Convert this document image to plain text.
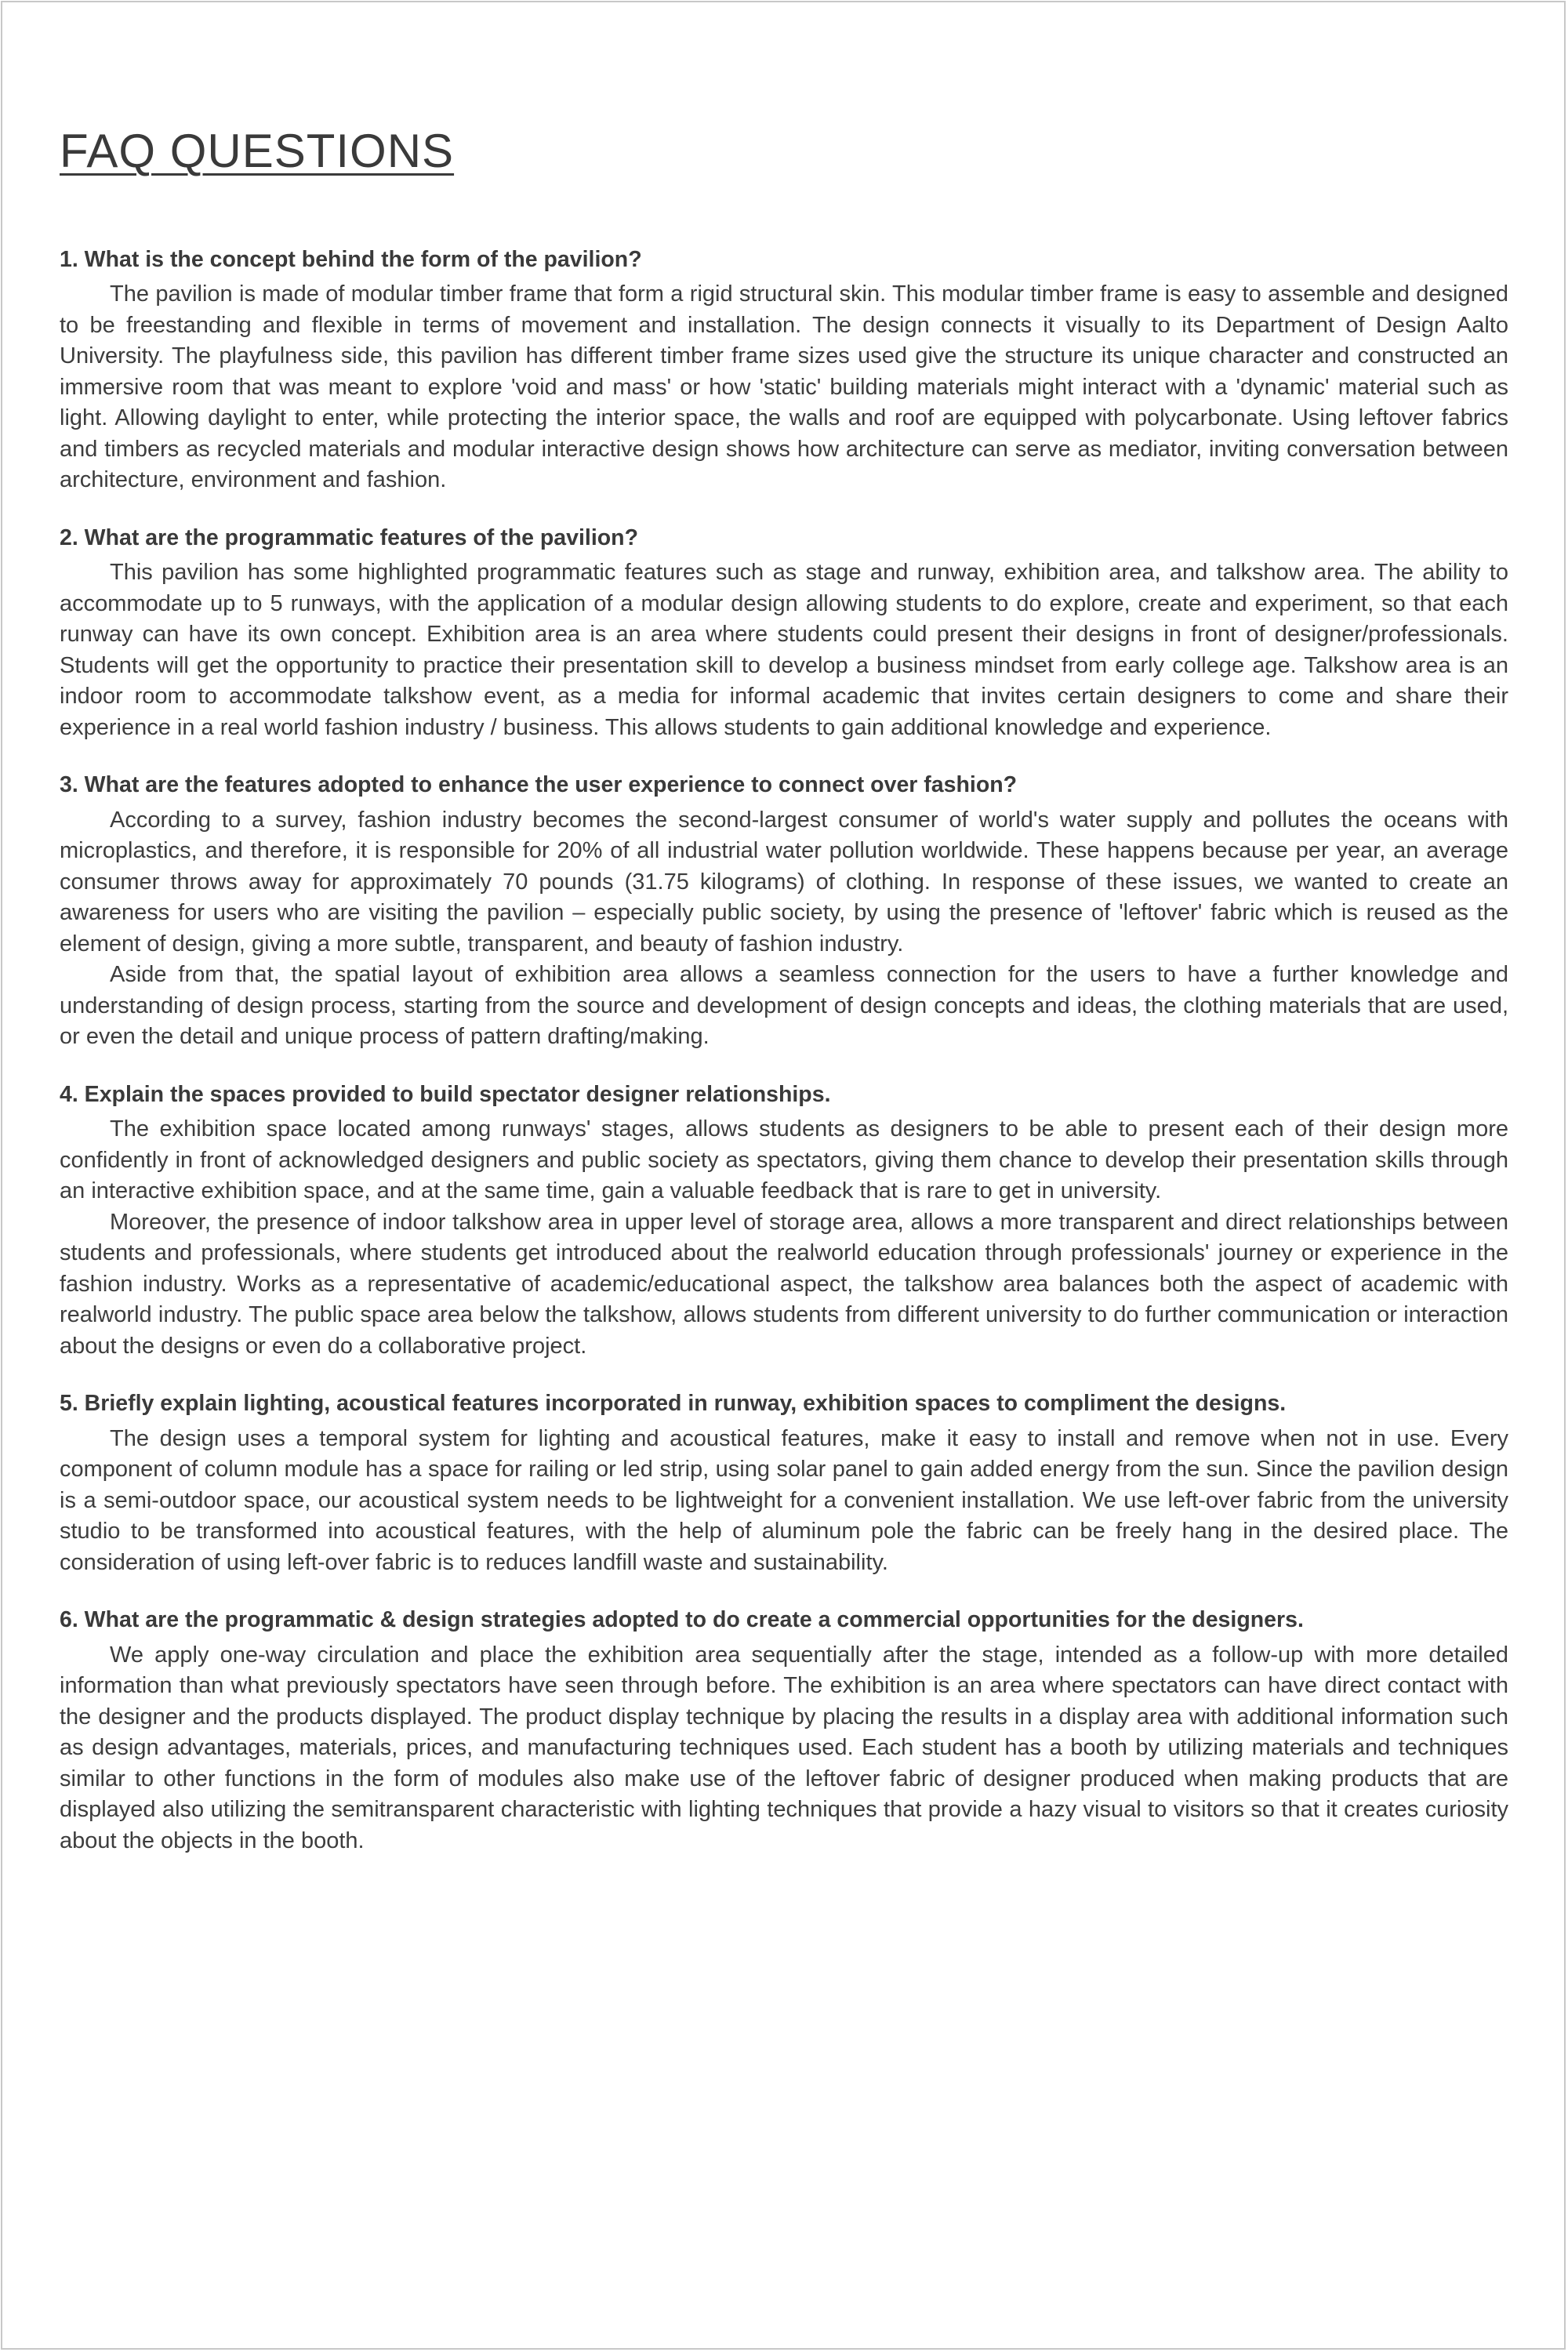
FAQ QUESTIONS
1. What is the concept behind the form of the pavilion?

The pavilion is made of modular timber frame that form a rigid structural skin. This modular timber frame is easy to assemble and designed to be freestanding and flexible in terms of movement and installation. The design connects it visually to its Department of Design Aalto University. The playfulness side, this pavilion has different timber frame sizes used give the structure its unique character and constructed an immersive room that was meant to explore 'void and mass' or how 'static' building materials might interact with a 'dynamic' material such as light. Allowing daylight to enter, while protecting the interior space, the walls and roof are equipped with polycarbonate. Using leftover fabrics and timbers as recycled materials and modular interactive design shows how architecture can serve as mediator, inviting conversation between architecture, environment and fashion.

2. What are the programmatic features of the pavilion?

This pavilion has some highlighted programmatic features such as stage and runway, exhibition area, and talkshow area. The ability to accommodate up to 5 runways, with the application of a modular design allowing students to do explore, create and experiment, so that each runway can have its own concept. Exhibition area is an area where students could present their designs in front of designer/professionals. Students will get the opportunity to practice their presentation skill to develop a business mindset from early college age. Talkshow area is an indoor room to accommodate talkshow event, as a media for informal academic that invites certain designers to come and share their experience in a real world fashion industry / business. This allows students to gain additional knowledge and experience.

3. What are the features adopted to enhance the user experience to connect over fashion?

According to a survey, fashion industry becomes the second-largest consumer of world's water supply and pollutes the oceans with microplastics, and therefore, it is responsible for 20% of all industrial water pollution worldwide. These happens because per year, an average consumer throws away for approximately 70 pounds (31.75 kilograms) of clothing. In response of these issues, we wanted to create an awareness for users who are visiting the pavilion – especially public society, by using the presence of 'leftover' fabric which is reused as the element of design, giving a more subtle, transparent, and beauty of fashion industry.

Aside from that, the spatial layout of exhibition area allows a seamless connection for the users to have a further knowledge and understanding of design process, starting from the source and development of design concepts and ideas, the clothing materials that are used, or even the detail and unique process of pattern drafting/making.

4. Explain the spaces provided to build spectator designer relationships.

The exhibition space located among runways' stages, allows students as designers to be able to present each of their design more confidently in front of acknowledged designers and public society as spectators, giving them chance to develop their presentation skills through an interactive exhibition space, and at the same time, gain a valuable feedback that is rare to get in university.

Moreover, the presence of indoor talkshow area in upper level of storage area, allows a more transparent and direct relationships between students and professionals, where students get introduced about the realworld education through professionals' journey or experience in the fashion industry. Works as a representative of academic/educational aspect, the talkshow area balances both the aspect of academic with realworld industry. The public space area below the talkshow, allows students from different university to do further communication or interaction about the designs or even do a collaborative project.

5. Briefly explain lighting, acoustical features incorporated in runway, exhibition spaces to compliment the designs.

The design uses a temporal system for lighting and acoustical features, make it easy to install and remove when not in use. Every component of column module has a space for railing or led strip, using solar panel to gain added energy from the sun. Since the pavilion design is a semi-outdoor space, our acoustical system needs to be lightweight for a convenient installation. We use left-over fabric from the university studio to be transformed into acoustical features, with the help of aluminum pole the fabric can be freely hang in the desired place. The consideration of using left-over fabric is to reduces landfill waste and sustainability.

6. What are the programmatic & design strategies adopted to do create a commercial opportunities for the designers.

We apply one-way circulation and place the exhibition area sequentially after the stage, intended as a follow-up with more detailed information than what previously spectators have seen through before. The exhibition is an area where spectators can have direct contact with the designer and the products displayed. The product display technique by placing the results in a display area with additional information such as design advantages, materials, prices, and manufacturing techniques used. Each student has a booth by utilizing materials and techniques similar to other functions in the form of modules also make use of the leftover fabric of designer produced when making products that are displayed also utilizing the semitransparent characteristic with lighting techniques that provide a hazy visual to visitors so that it creates curiosity about the objects in the booth.
